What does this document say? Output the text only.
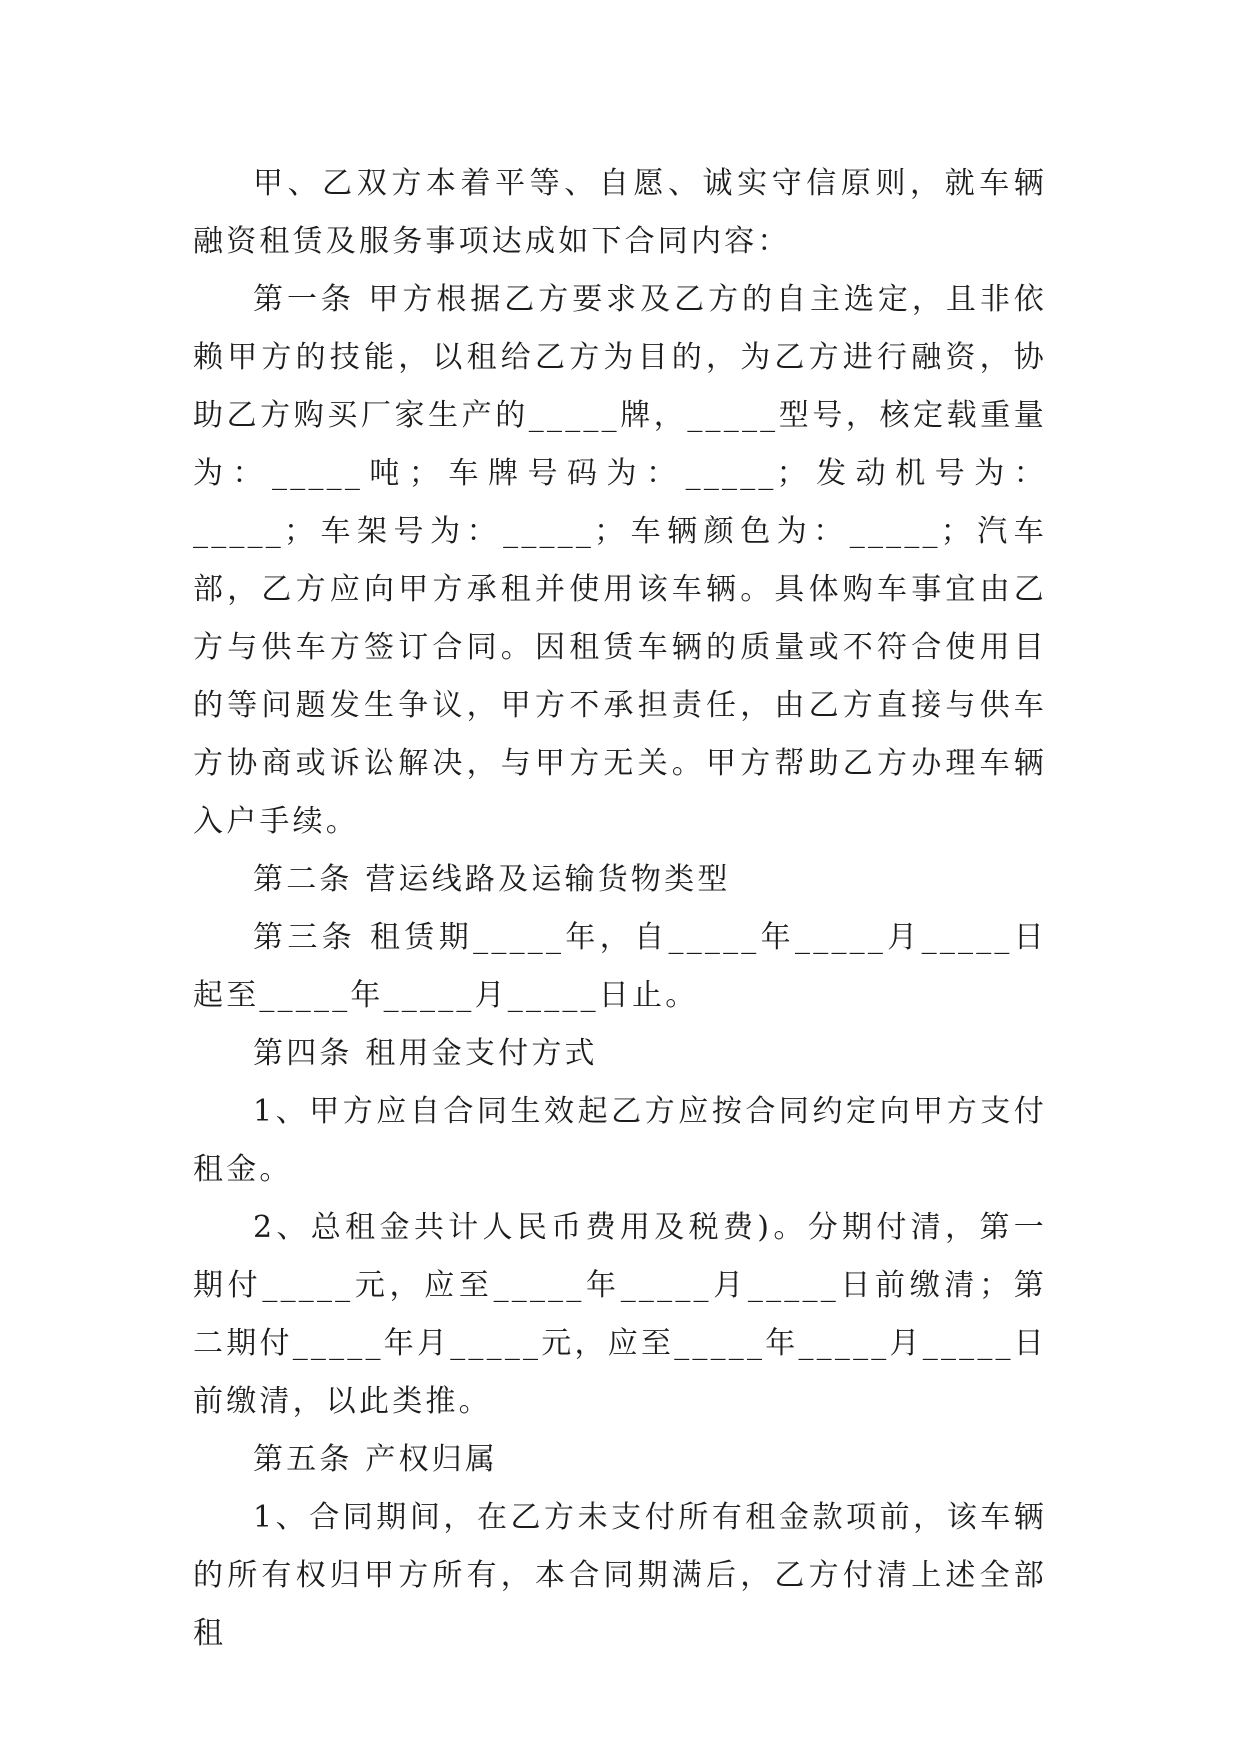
甲、乙双方本着平等、自愿、诚实守信原则，就车辆融资租赁及服务事项达成如下合同内容：

第一条 甲方根据乙方要求及乙方的自主选定，且非依赖甲方的技能，以租给乙方为目的，为乙方进行融资，协助乙方购买厂家生产的_____牌，_____型号，核定载重量为：_____吨；车牌号码为：_____；发动机号为：_____；车架号为：_____；车辆颜色为：_____；汽车部，乙方应向甲方承租并使用该车辆。具体购车事宜由乙方与供车方签订合同。因租赁车辆的质量或不符合使用目的等问题发生争议，甲方不承担责任，由乙方直接与供车方协商或诉讼解决，与甲方无关。甲方帮助乙方办理车辆入户手续。

第二条 营运线路及运输货物类型

第三条 租赁期_____年，自_____年_____月_____日起至_____年_____月_____日止。

第四条 租用金支付方式

1、甲方应自合同生效起乙方应按合同约定向甲方支付租金。

2、总租金共计人民币费用及税费)。分期付清，第一期付_____元，应至_____年_____月_____日前缴清；第二期付_____年月_____元，应至_____年_____月_____日前缴清，以此类推。

第五条 产权归属

1、合同期间，在乙方未支付所有租金款项前，该车辆的所有权归甲方所有，本合同期满后，乙方付清上述全部租
